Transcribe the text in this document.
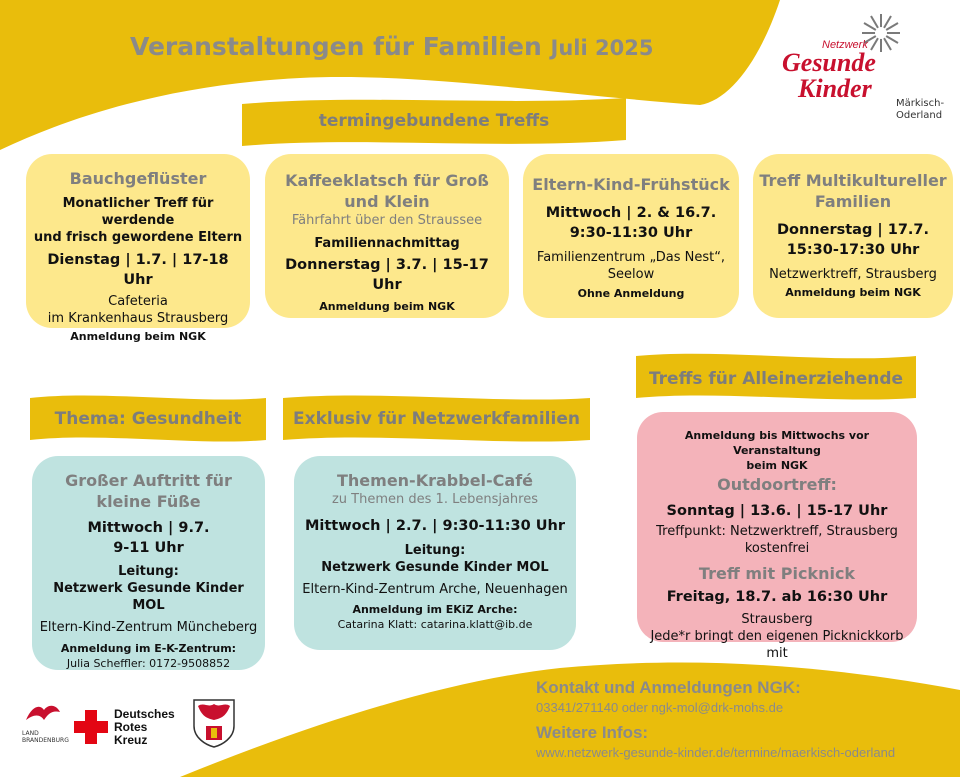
Veranstaltungen für Familien Juli 2025	Netzwerk
Gesunde
Kinder
Märkisch-
Oderland
termingebundene Treffs
Thema: Gesundheit	Exklusiv für Netzwerkfamilien
Treffs für Alleinerziehende
Bauchgeflüster
Monatlicher Treff für werdende
und frisch gewordene Eltern
Dienstag | 1.7. | 17-18 Uhr
Cafeteria
im Krankenhaus Strausberg
Anmeldung beim NGK
Kaffeeklatsch für Groß
und Klein
Fährfahrt über den Straussee
Familiennachmittag
Donnerstag | 3.7. | 15-17 Uhr
Anmeldung beim NGK
Eltern-Kind-Frühstück
Mittwoch | 2. & 16.7.
9:30-11:30 Uhr
Familienzentrum „Das Nest“,
Seelow
Ohne Anmeldung
Treff Multikultureller
Familien
Donnerstag | 17.7.
15:30-17:30 Uhr
Netzwerktreff, Strausberg
Anmeldung beim NGK
Großer Auftritt für
kleine Füße
Mittwoch | 9.7.
9-11 Uhr
Leitung:
Netzwerk Gesunde Kinder MOL
Eltern-Kind-Zentrum Müncheberg
Anmeldung im E-K-Zentrum:
Julia Scheffler: 0172-9508852
Themen-Krabbel-Café
zu Themen des 1. Lebensjahres
Mittwoch | 2.7. | 9:30-11:30 Uhr
Leitung:
Netzwerk Gesunde Kinder MOL
Eltern-Kind-Zentrum Arche, Neuenhagen
Anmeldung im EKiZ Arche:
Catarina Klatt: catarina.klatt@ib.de
Anmeldung bis Mittwochs vor Veranstaltung
beim NGK
Outdoortreff:
Sonntag | 13.6. | 15-17 Uhr
Treffpunkt: Netzwerktreff, Strausberg
kostenfrei
Treff mit Picknick
Freitag, 18.7. ab 16:30 Uhr
Strausberg
Jede*r bringt den eigenen Picknickkorb mit
LAND
BRANDENBURG
Deutsches
Rotes
Kreuz
Kontakt und Anmeldungen NGK:
03341/271140 oder ngk-mol@drk-mohs.de
Weitere Infos:
www.netzwerk-gesunde-kinder.de/termine/maerkisch-oderland
